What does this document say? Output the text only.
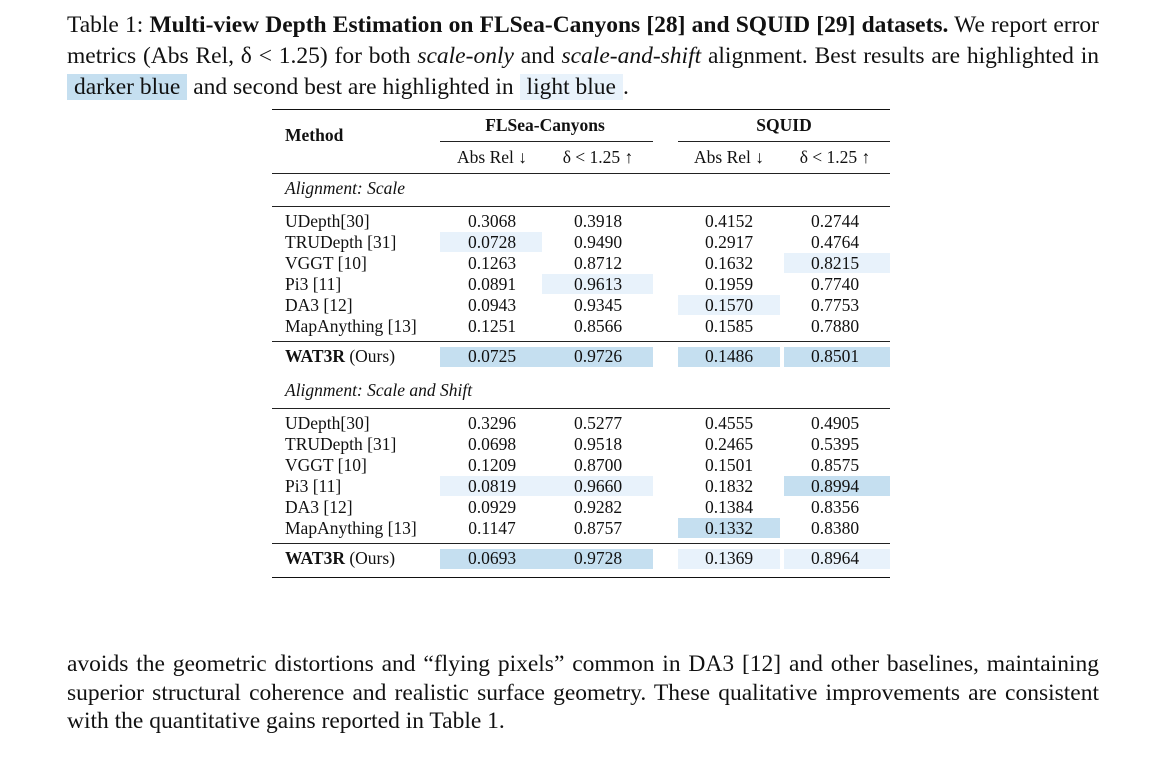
Table 1: Multi-view Depth Estimation on FLSea-Canyons [28] and SQUID [29] datasets. We report error metrics (Abs Rel, δ < 1.25) for both scale-only and scale-and-shift alignment. Best results are highlighted in darker blue and second best are highlighted in light blue .
Method	FLSea-Canyons	SQUID
Abs Rel ↓	δ < 1.25 ↑	Abs Rel ↓	δ < 1.25 ↑
Alignment: Scale
UDepth[30]	0.3068	0.3918	0.4152	0.2744
TRUDepth [31]	0.0728	0.9490	0.2917	0.4764
VGGT [10]	0.1263	0.8712	0.1632	0.8215
Pi3 [11]	0.0891	0.9613	0.1959	0.7740
DA3 [12]	0.0943	0.9345	0.1570	0.7753
MapAnything [13]	0.1251	0.8566	0.1585	0.7880
WAT3R (Ours)	0.0725	0.9726	0.1486	0.8501
Alignment: Scale and Shift
UDepth[30]	0.3296	0.5277	0.4555	0.4905
TRUDepth [31]	0.0698	0.9518	0.2465	0.5395
VGGT [10]	0.1209	0.8700	0.1501	0.8575
Pi3 [11]	0.0819	0.9660	0.1832	0.8994
DA3 [12]	0.0929	0.9282	0.1384	0.8356
MapAnything [13]	0.1147	0.8757	0.1332	0.8380
WAT3R (Ours)	0.0693	0.9728	0.1369	0.8964
avoids the geometric distortions and “flying pixels” common in DA3 [12] and other baselines, maintaining superior structural coherence and realistic surface geometry. These qualitative improvements are consistent with the quantitative gains reported in Table 1.
